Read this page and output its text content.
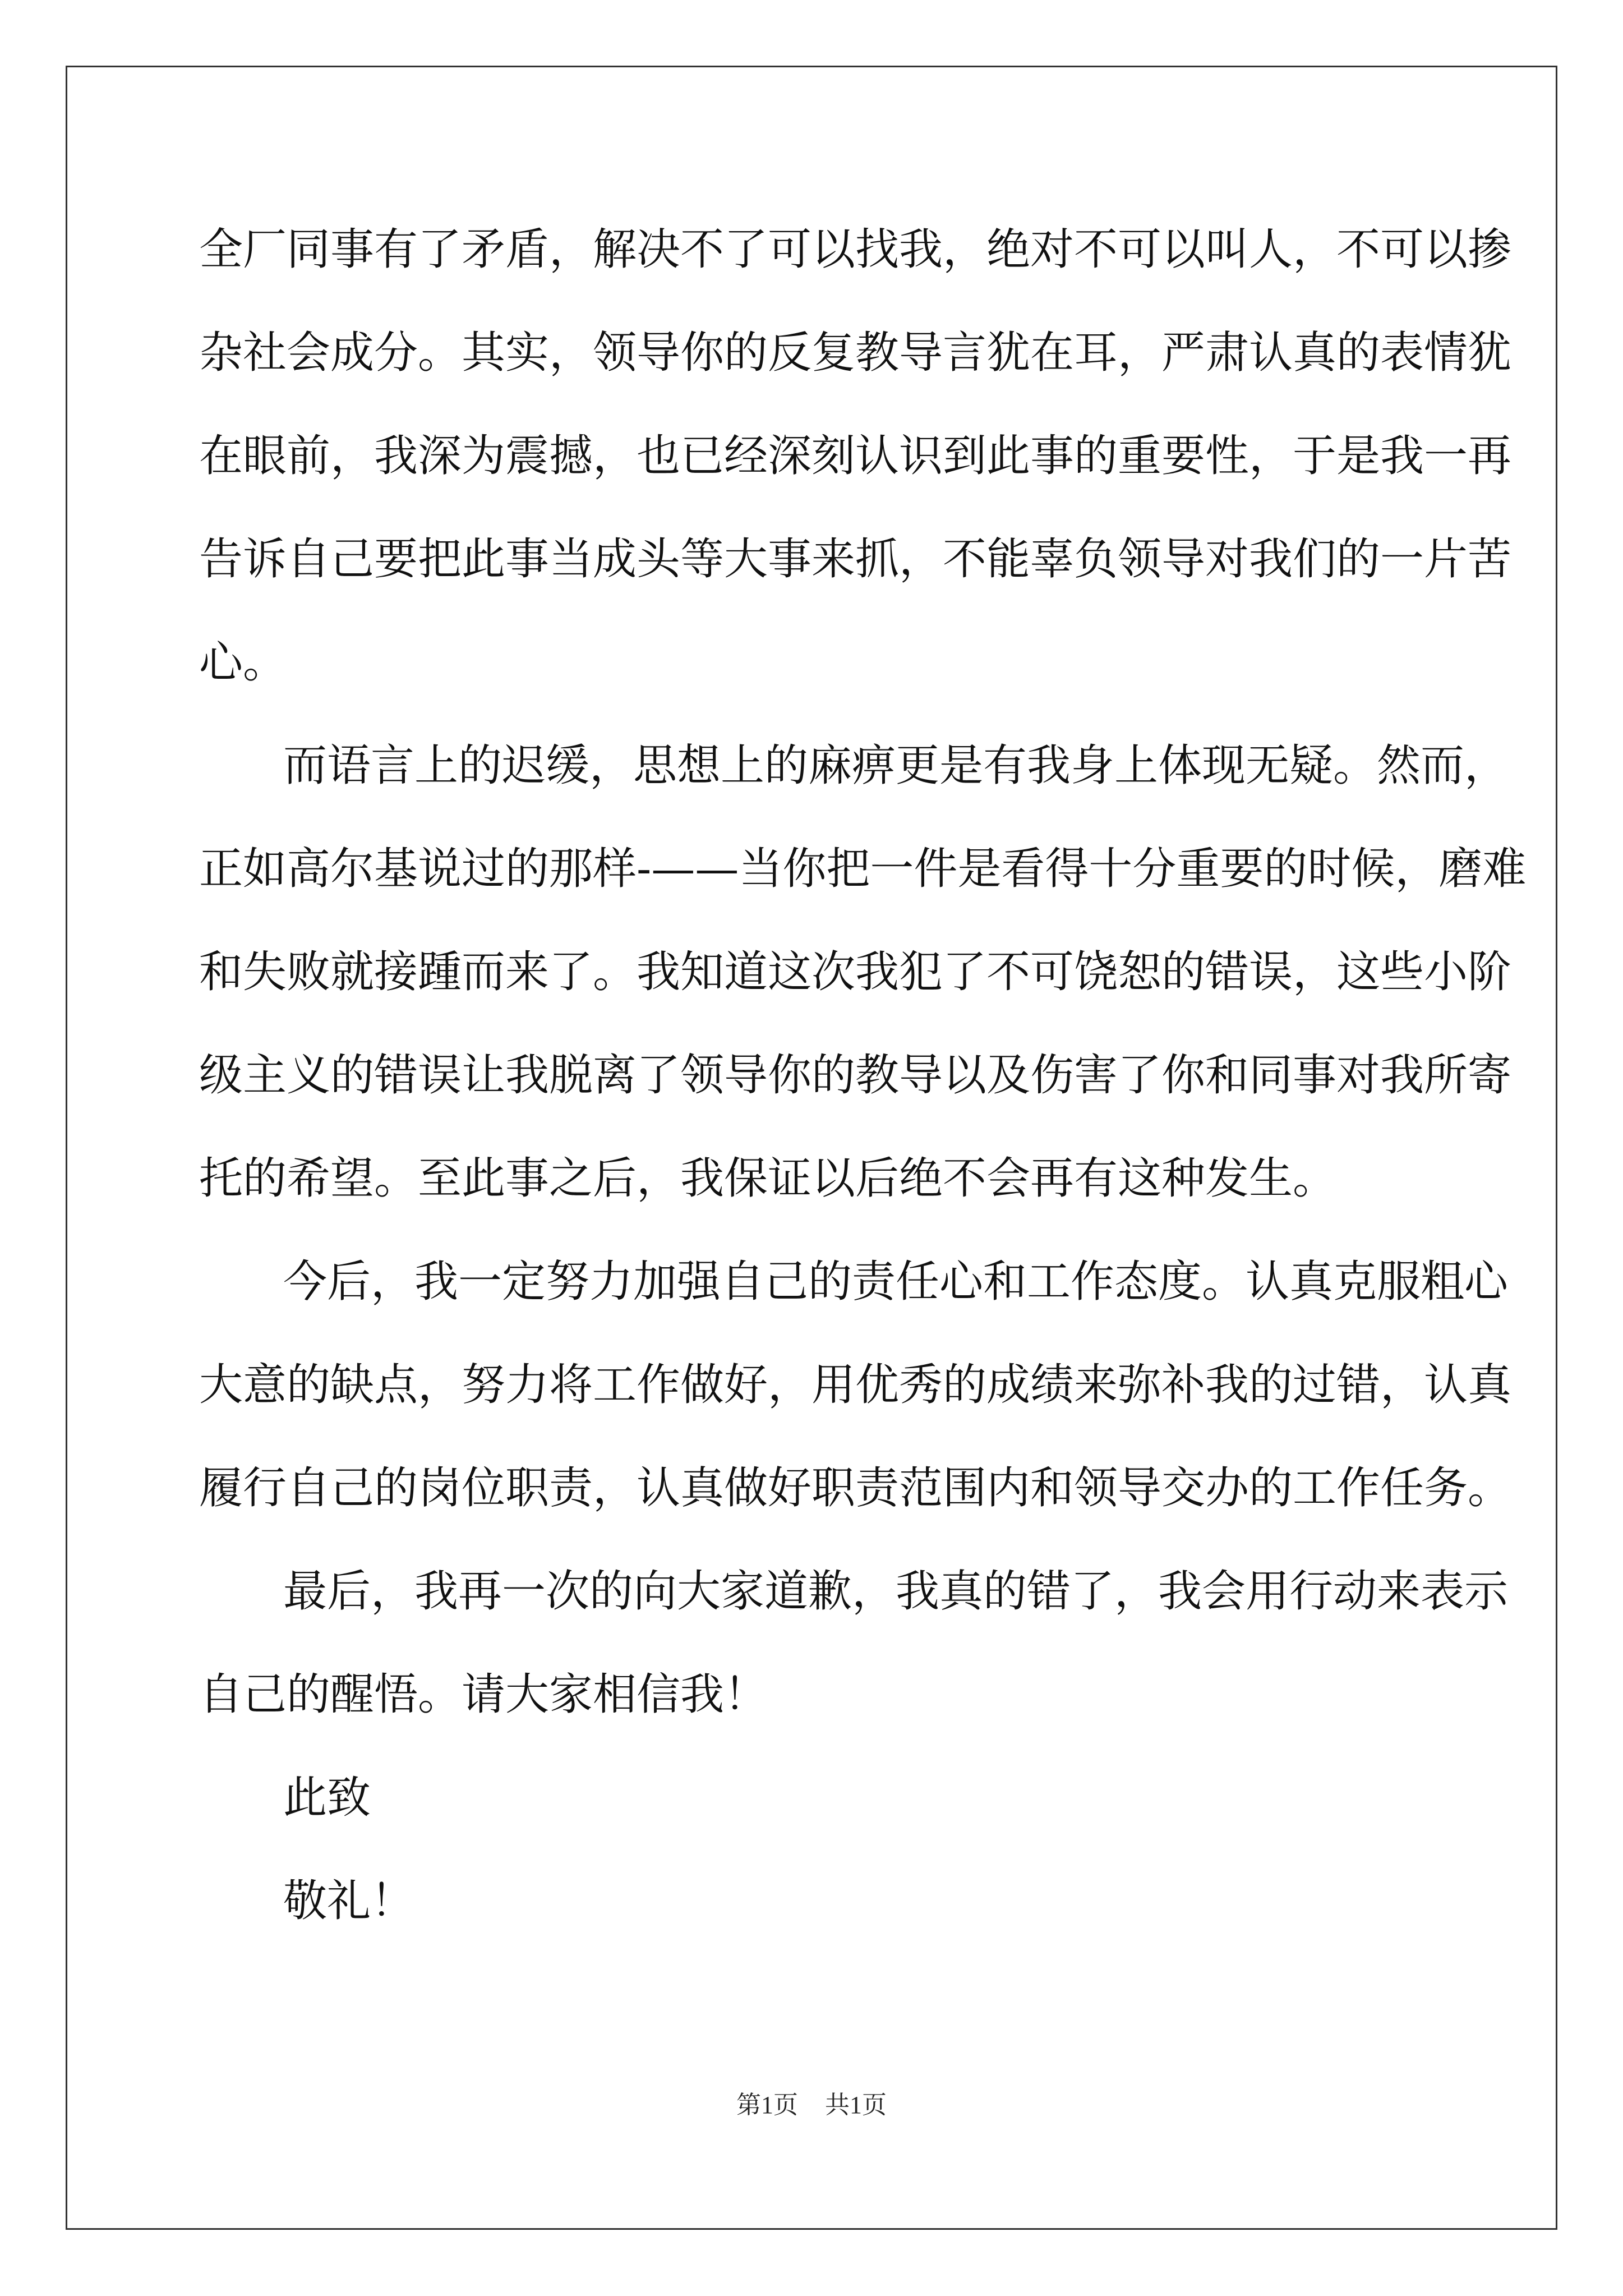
全厂同事有了矛盾，解决不了可以找我，绝对不可以叫人，不可以掺
杂社会成分。其实，领导你的反复教导言犹在耳，严肃认真的表情犹
在眼前，我深为震撼，也已经深刻认识到此事的重要性，于是我一再
告诉自己要把此事当成头等大事来抓，不能辜负领导对我们的一片苦
心。
而语言上的迟缓，思想上的麻痹更是有我身上体现无疑。然而，
正如高尔基说过的那样-——当你把一件是看得十分重要的时候，磨难
和失败就接踵而来了。我知道这次我犯了不可饶恕的错误，这些小阶
级主义的错误让我脱离了领导你的教导以及伤害了你和同事对我所寄
托的希望。至此事之后，我保证以后绝不会再有这种发生。
今后，我一定努力加强自己的责任心和工作态度。认真克服粗心
大意的缺点，努力将工作做好，用优秀的成绩来弥补我的过错，认真
履行自己的岗位职责，认真做好职责范围内和领导交办的工作任务。
最后，我再一次的向大家道歉，我真的错了，我会用行动来表示
自己的醒悟。请大家相信我！
此致
敬礼！
第1页 共1页
